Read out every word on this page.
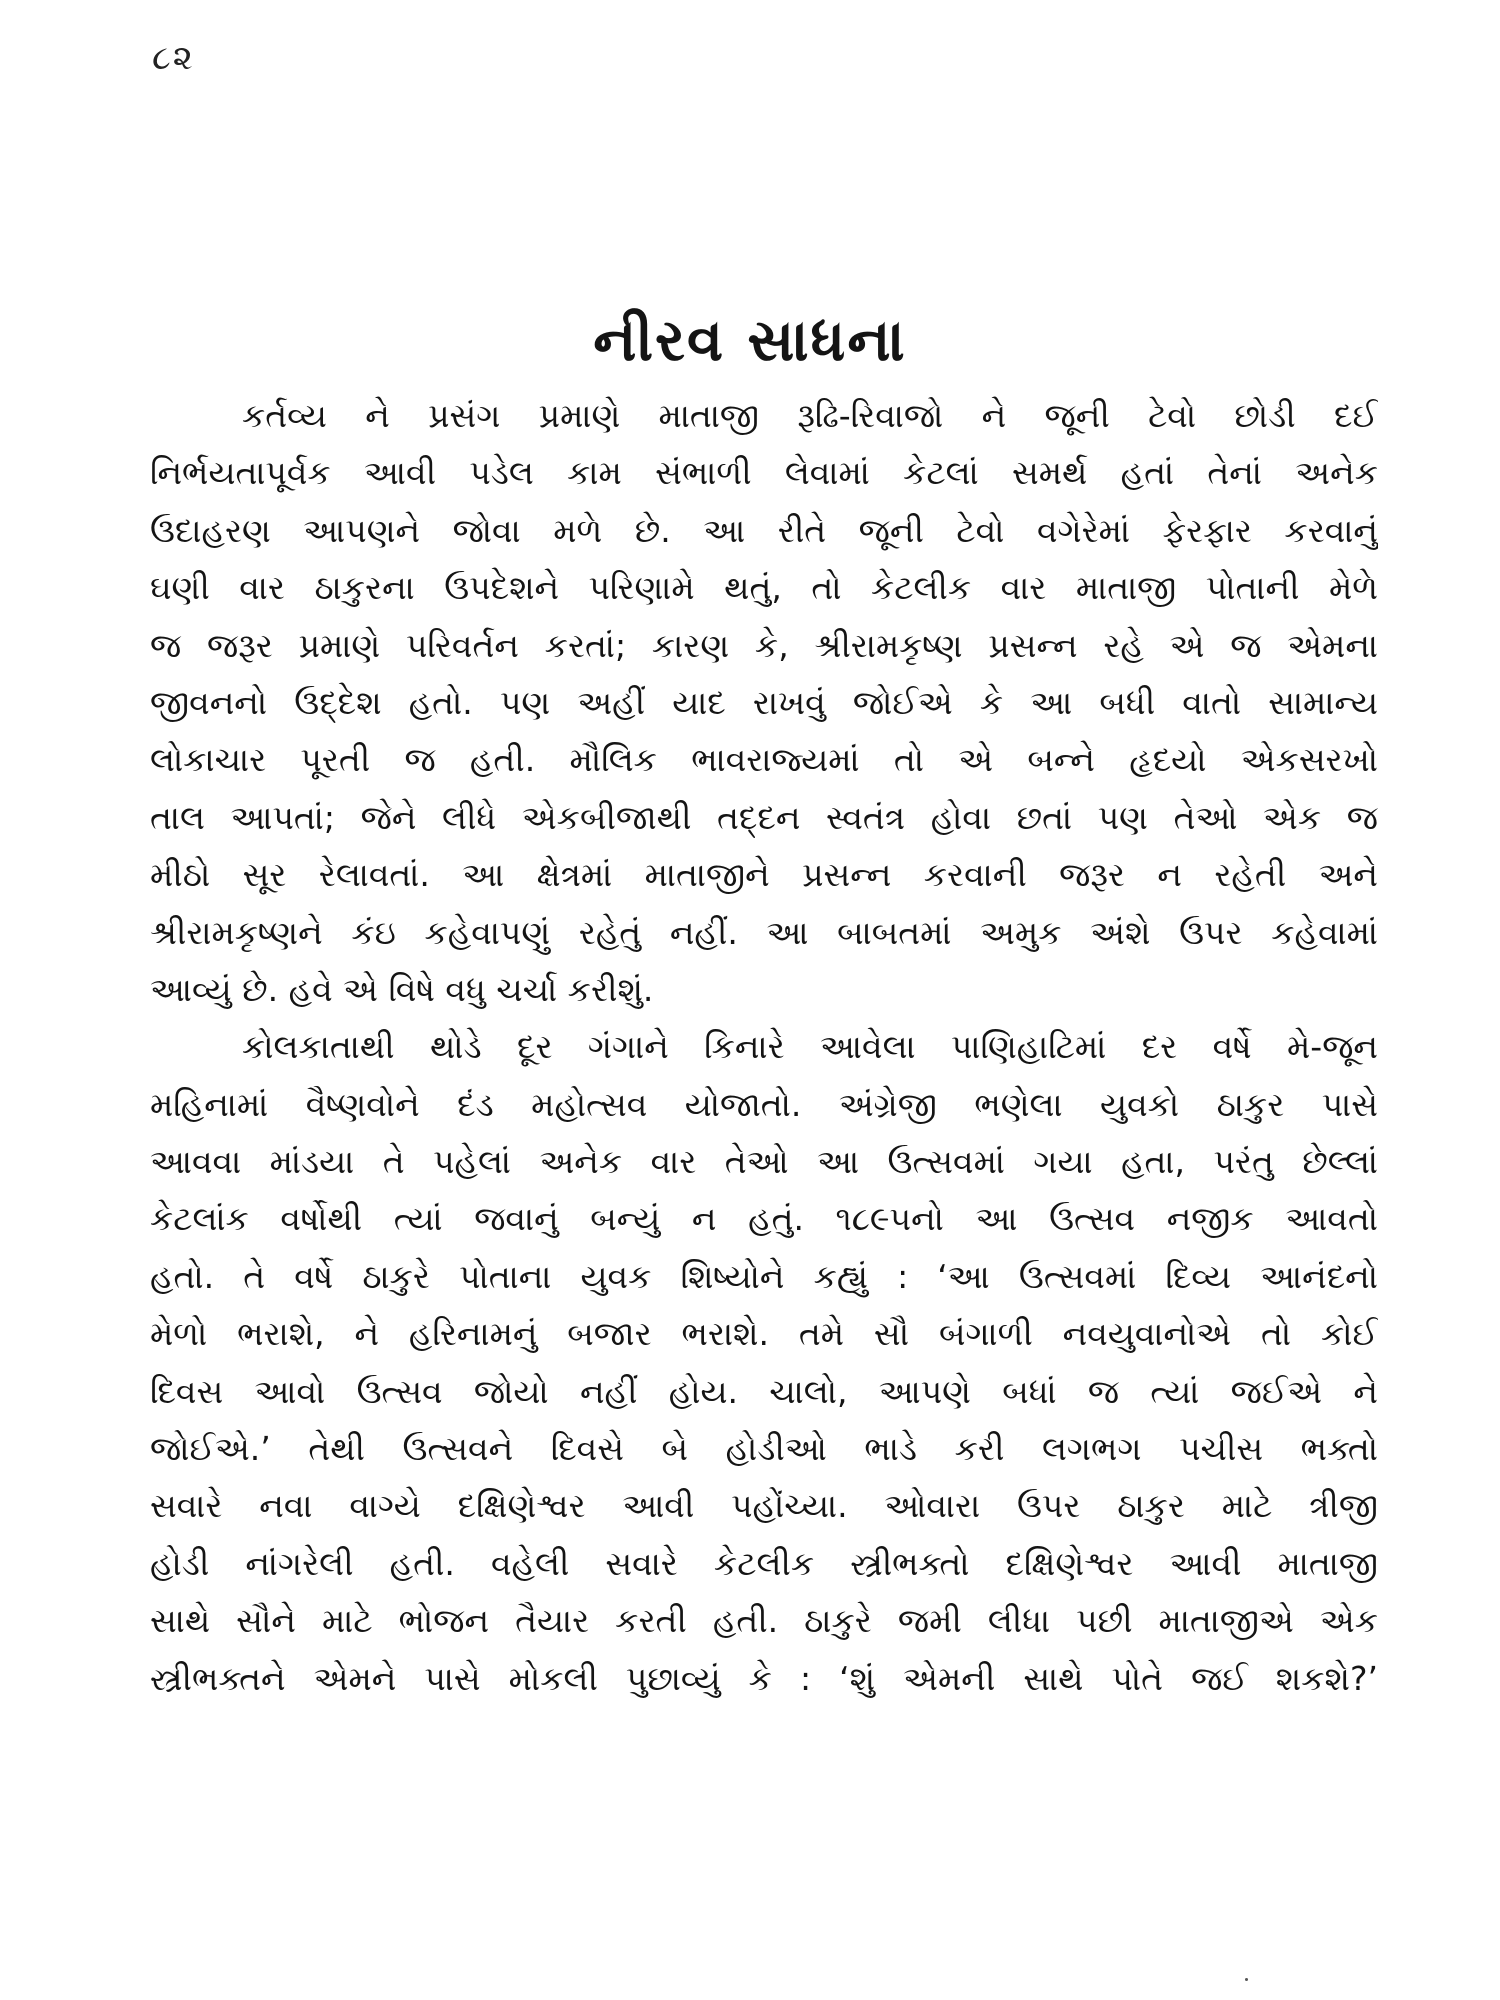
૮૨
નીરવ સાધના
કર્તવ્ય ને પ્રસંગ પ્રમાણે માતાજી રૂઢિ-રિવાજો ને જૂની ટેવો છોડી દઈ
નિર્ભયતાપૂર્વક આવી પડેલ કામ સંભાળી લેવામાં કેટલાં સમર્થ હતાં તેનાં અનેક
ઉદાહરણ આપણને જોવા મળે છે. આ રીતે જૂની ટેવો વગેરેમાં ફેરફાર કરવાનું
ઘણી વાર ઠાકુરના ઉપદેશને પરિણામે થતું, તો કેટલીક વાર માતાજી પોતાની મેળે
જ જરૂર પ્રમાણે પરિવર્તન કરતાં; કારણ કે, શ્રીરામકૃષ્ણ પ્રસન્ન રહે એ જ એમના
જીવનનો ઉદ્દેશ હતો. પણ અહીં યાદ રાખવું જોઈએ કે આ બધી વાતો સામાન્ય
લોકાચાર પૂરતી જ હતી. મૌલિક ભાવરાજ્યમાં તો એ બન્ને હૃદયો એકસરખો
તાલ આપતાં; જેને લીધે એકબીજાથી તદ્દન સ્વતંત્ર હોવા છતાં પણ તેઓ એક જ
મીઠો સૂર રેલાવતાં. આ ક્ષેત્રમાં માતાજીને પ્રસન્ન કરવાની જરૂર ન રહેતી અને
શ્રીરામકૃષ્ણને કંઇ કહેવાપણું રહેતું નહીં. આ બાબતમાં અમુક અંશે ઉપર કહેવામાં
આવ્યું છે. હવે એ વિષે વધુ ચર્ચા કરીશું.
કોલકાતાથી થોડે દૂર ગંગાને કિનારે આવેલા પાણિહાટિમાં દર વર્ષે મે-જૂન
મહિનામાં વૈષ્ણવોને દંડ મહોત્સવ યોજાતો. અંગ્રેજી ભણેલા યુવકો ઠાકુર પાસે
આવવા માંડયા તે પહેલાં અનેક વાર તેઓ આ ઉત્સવમાં ગયા હતા, પરંતુ છેલ્લાં
કેટલાંક વર્ષોથી ત્યાં જવાનું બન્યું ન હતું. ૧૮૯૫નો આ ઉત્સવ નજીક આવતો
હતો. તે વર્ષે ઠાકુરે પોતાના યુવક શિષ્યોને કહ્યું : ‘આ ઉત્સવમાં દિવ્ય આનંદનો
મેળો ભરાશે, ને હરિનામનું બજાર ભરાશે. તમે સૌ બંગાળી નવયુવાનોએ તો કોઈ
દિવસ આવો ઉત્સવ જોયો નહીં હોય. ચાલો, આપણે બધાં જ ત્યાં જઈએ ને
જોઈએ.’ તેથી ઉત્સવને દિવસે બે હોડીઓ ભાડે કરી લગભગ પચીસ ભક્તો
સવારે નવા વાગ્યે દક્ષિણેશ્વર આવી પહોંચ્યા. ઓવારા ઉપર ઠાકુર માટે ત્રીજી
હોડી નાંગરેલી હતી. વહેલી સવારે કેટલીક સ્ત્રીભક્તો દક્ષિણેશ્વર આવી માતાજી
સાથે સૌને માટે ભોજન તૈયાર કરતી હતી. ઠાકુરે જમી લીધા પછી માતાજીએ એક
સ્ત્રીભક્તને એમને પાસે મોકલી પુછાવ્યું કે : ‘શું એમની સાથે પોતે જઈ શકશે?’
